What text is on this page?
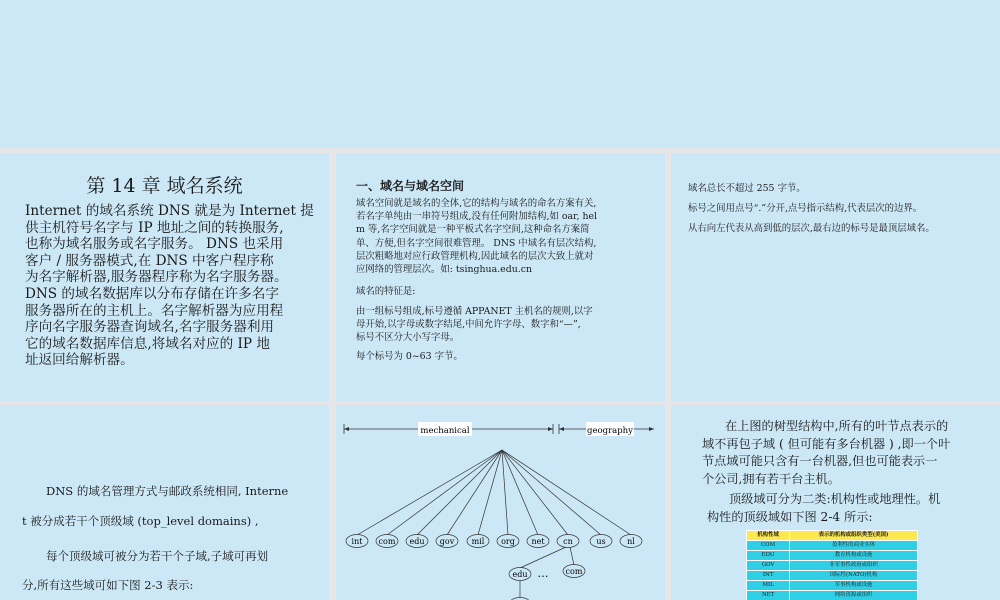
第 14 章 域名系统
Internet 的域名系统 DNS 就是为 Internet 提
供主机符号名字与 IP 地址之间的转换服务,
也称为域名服务或名字服务。 DNS 也采用
客户 / 服务器模式,在 DNS 中客户程序称
为名字解析器,服务器程序称为名字服务器。
DNS 的域名数据库以分布存储在许多名字
服务器所在的主机上。名字解析器为应用程
序向名字服务器查询域名,名字服务器利用
它的域名数据库信息,将域名对应的 IP 地
址返回给解析器。
一、域名与域名空间
域名空间就是域名的全体,它的结构与域名的命名方案有关,
若名字单纯由一串符号组成,没有任何附加结构,如 oar, hel
m 等,名字空间就是一种平板式名字空间,这种命名方案简
单、方便,但名字空间很难管理。 DNS 中域名有层次结构,
层次粗略地对应行政管理机构,因此域名的层次大致上就对
应网络的管理层次。如: tsinghua.edu.cn
域名的特征是:
由一组标号组成,标号遵循 APPANET 主机名的规则,以字
母开始,以字母或数字结尾,中间允许字母、数字和“—”,
标号不区分大小写字母。
每个标号为 0~63 字节。
域名总长不超过 255 字节。
标号之间用点号“.”分开,点号指示结构,代表层次的边界。
从右向左代表从高到低的层次,最右边的标号是最顶层域名。
DNS 的域名管理方式与邮政系统相同, Interne
t 被分成若干个顶级域 (top_level domains) ,
每个顶级域可被分为若干个子域,子域可再划
分,所有这些域可如下图 2-3 表示:
mechanical	geography
int com edu gov mil org net cn	us	nl
edu	com
…
在上图的树型结构中,所有的叶节点表示的
域不再包子域 ( 但可能有多台机器 ) ,即一个叶
节点域可能只含有一台机器,但也可能表示一
个公司,拥有若干台主机。
顶级域可分为二类:机构性或地理性。机
构性的顶级域如下图 2-4 所示:
机构性域	表示的机构或组织类型(美国)
COM	盈利性的商业实体
EDU	教育机构或设施
GOV	非军事性政府或组织
INT	国际性(NATO)机构
MIL	军事机构或设施
NET	网络资源或组织
